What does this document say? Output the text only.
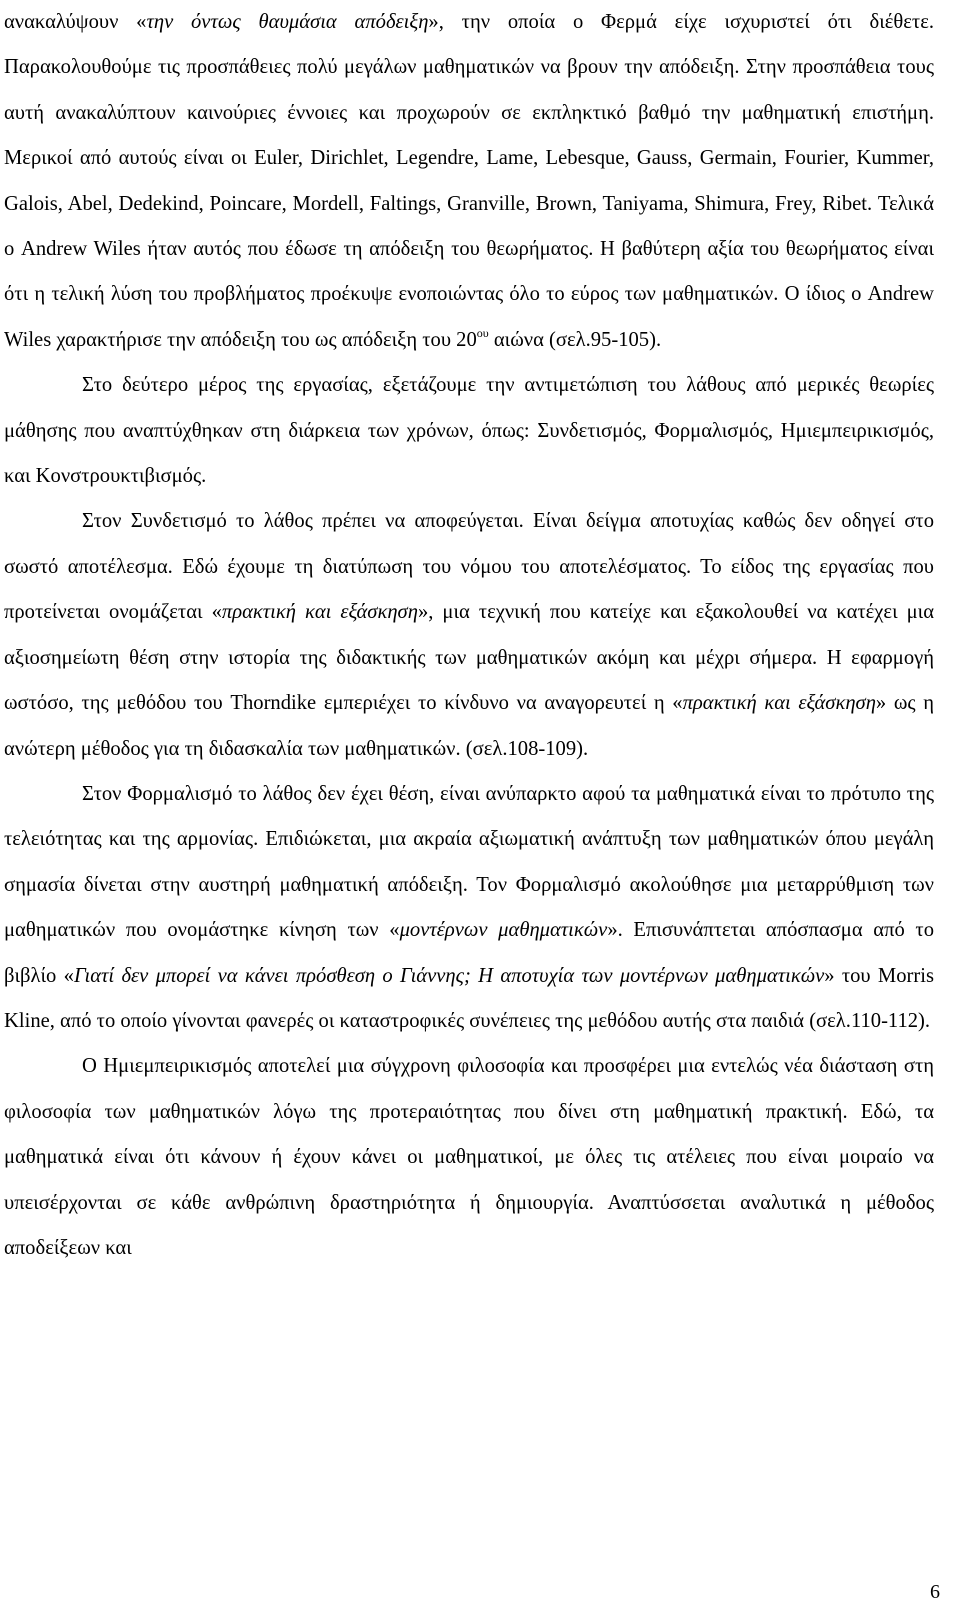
ανακαλύψουν «την όντως θαυμάσια απόδειξη», την οποία ο Φερμά είχε ισχυριστεί ότι διέθετε. Παρακολουθούμε τις προσπάθειες πολύ μεγάλων μαθηματικών να βρουν την απόδειξη. Στην προσπάθεια τους αυτή ανακαλύπτουν καινούριες έννοιες και προχωρούν σε εκπληκτικό βαθμό την μαθηματική επιστήμη. Μερικοί από αυτούς είναι οι Euler, Dirichlet, Legendre, Lame, Lebesque, Gauss, Germain, Fourier, Kummer, Galois, Abel, Dedekind, Poincare, Mordell, Faltings, Granville, Brown, Taniyama, Shimura, Frey, Ribet. Τελικά ο Andrew Wiles ήταν αυτός που έδωσε τη απόδειξη του θεωρήματος. Η βαθύτερη αξία του θεωρήματος είναι ότι η τελική λύση του προβλήματος προέκυψε ενοποιώντας όλο το εύρος των μαθηματικών. Ο ίδιος ο Andrew Wiles χαρακτήρισε την απόδειξη του ως απόδειξη του $20^{o\upsilon}$ αιώνα (σελ.95-105).

Στο δεύτερο μέρος της εργασίας, εξετάζουμε την αντιμετώπιση του λάθους από μερικές θεωρίες μάθησης που αναπτύχθηκαν στη διάρκεια των χρόνων, όπως: Συνδετισμός, Φορμαλισμός, Ημιεμπειρικισμός, και Κονστρουκτιβισμός.

Στον Συνδετισμό το λάθος πρέπει να αποφεύγεται. Είναι δείγμα αποτυχίας καθώς δεν οδηγεί στο σωστό αποτέλεσμα. Εδώ έχουμε τη διατύπωση του νόμου του αποτελέσματος. Το είδος της εργασίας που προτείνεται ονομάζεται «πρακτική και εξάσκηση», μια τεχνική που κατείχε και εξακολουθεί να κατέχει μια αξιοσημείωτη θέση στην ιστορία της διδακτικής των μαθηματικών ακόμη και μέχρι σήμερα. Η εφαρμογή ωστόσο, της μεθόδου του Thorndike εμπεριέχει το κίνδυνο να αναγορευτεί η «πρακτική και εξάσκηση» ως η ανώτερη μέθοδος για τη διδασκαλία των μαθηματικών. (σελ.108-109).

Στον Φορμαλισμό το λάθος δεν έχει θέση, είναι ανύπαρκτο αφού τα μαθηματικά είναι το πρότυπο της τελειότητας και της αρμονίας. Επιδιώκεται, μια ακραία αξιωματική ανάπτυξη των μαθηματικών όπου μεγάλη σημασία δίνεται στην αυστηρή μαθηματική απόδειξη. Τον Φορμαλισμό ακολούθησε μια μεταρρύθμιση των μαθηματικών που ονομάστηκε κίνηση των «μοντέρνων μαθηματικών». Επισυνάπτεται απόσπασμα από το βιβλίο «Γιατί δεν μπορεί να κάνει πρόσθεση ο Γιάννης; Η αποτυχία των μοντέρνων μαθηματικών» του Morris Kline, από το οποίο γίνονται φανερές οι καταστροφικές συνέπειες της μεθόδου αυτής στα παιδιά (σελ.110-112).

Ο Ημιεμπειρικισμός αποτελεί μια σύγχρονη φιλοσοφία και προσφέρει μια εντελώς νέα διάσταση στη φιλοσοφία των μαθηματικών λόγω της προτεραιότητας που δίνει στη μαθηματική πρακτική. Εδώ, τα μαθηματικά είναι ότι κάνουν ή έχουν κάνει οι μαθηματικοί, με όλες τις ατέλειες που είναι μοιραίο να υπεισέρχονται σε κάθε ανθρώπινη δραστηριότητα ή δημιουργία. Αναπτύσσεται αναλυτικά η μέθοδος αποδείξεων και

6
